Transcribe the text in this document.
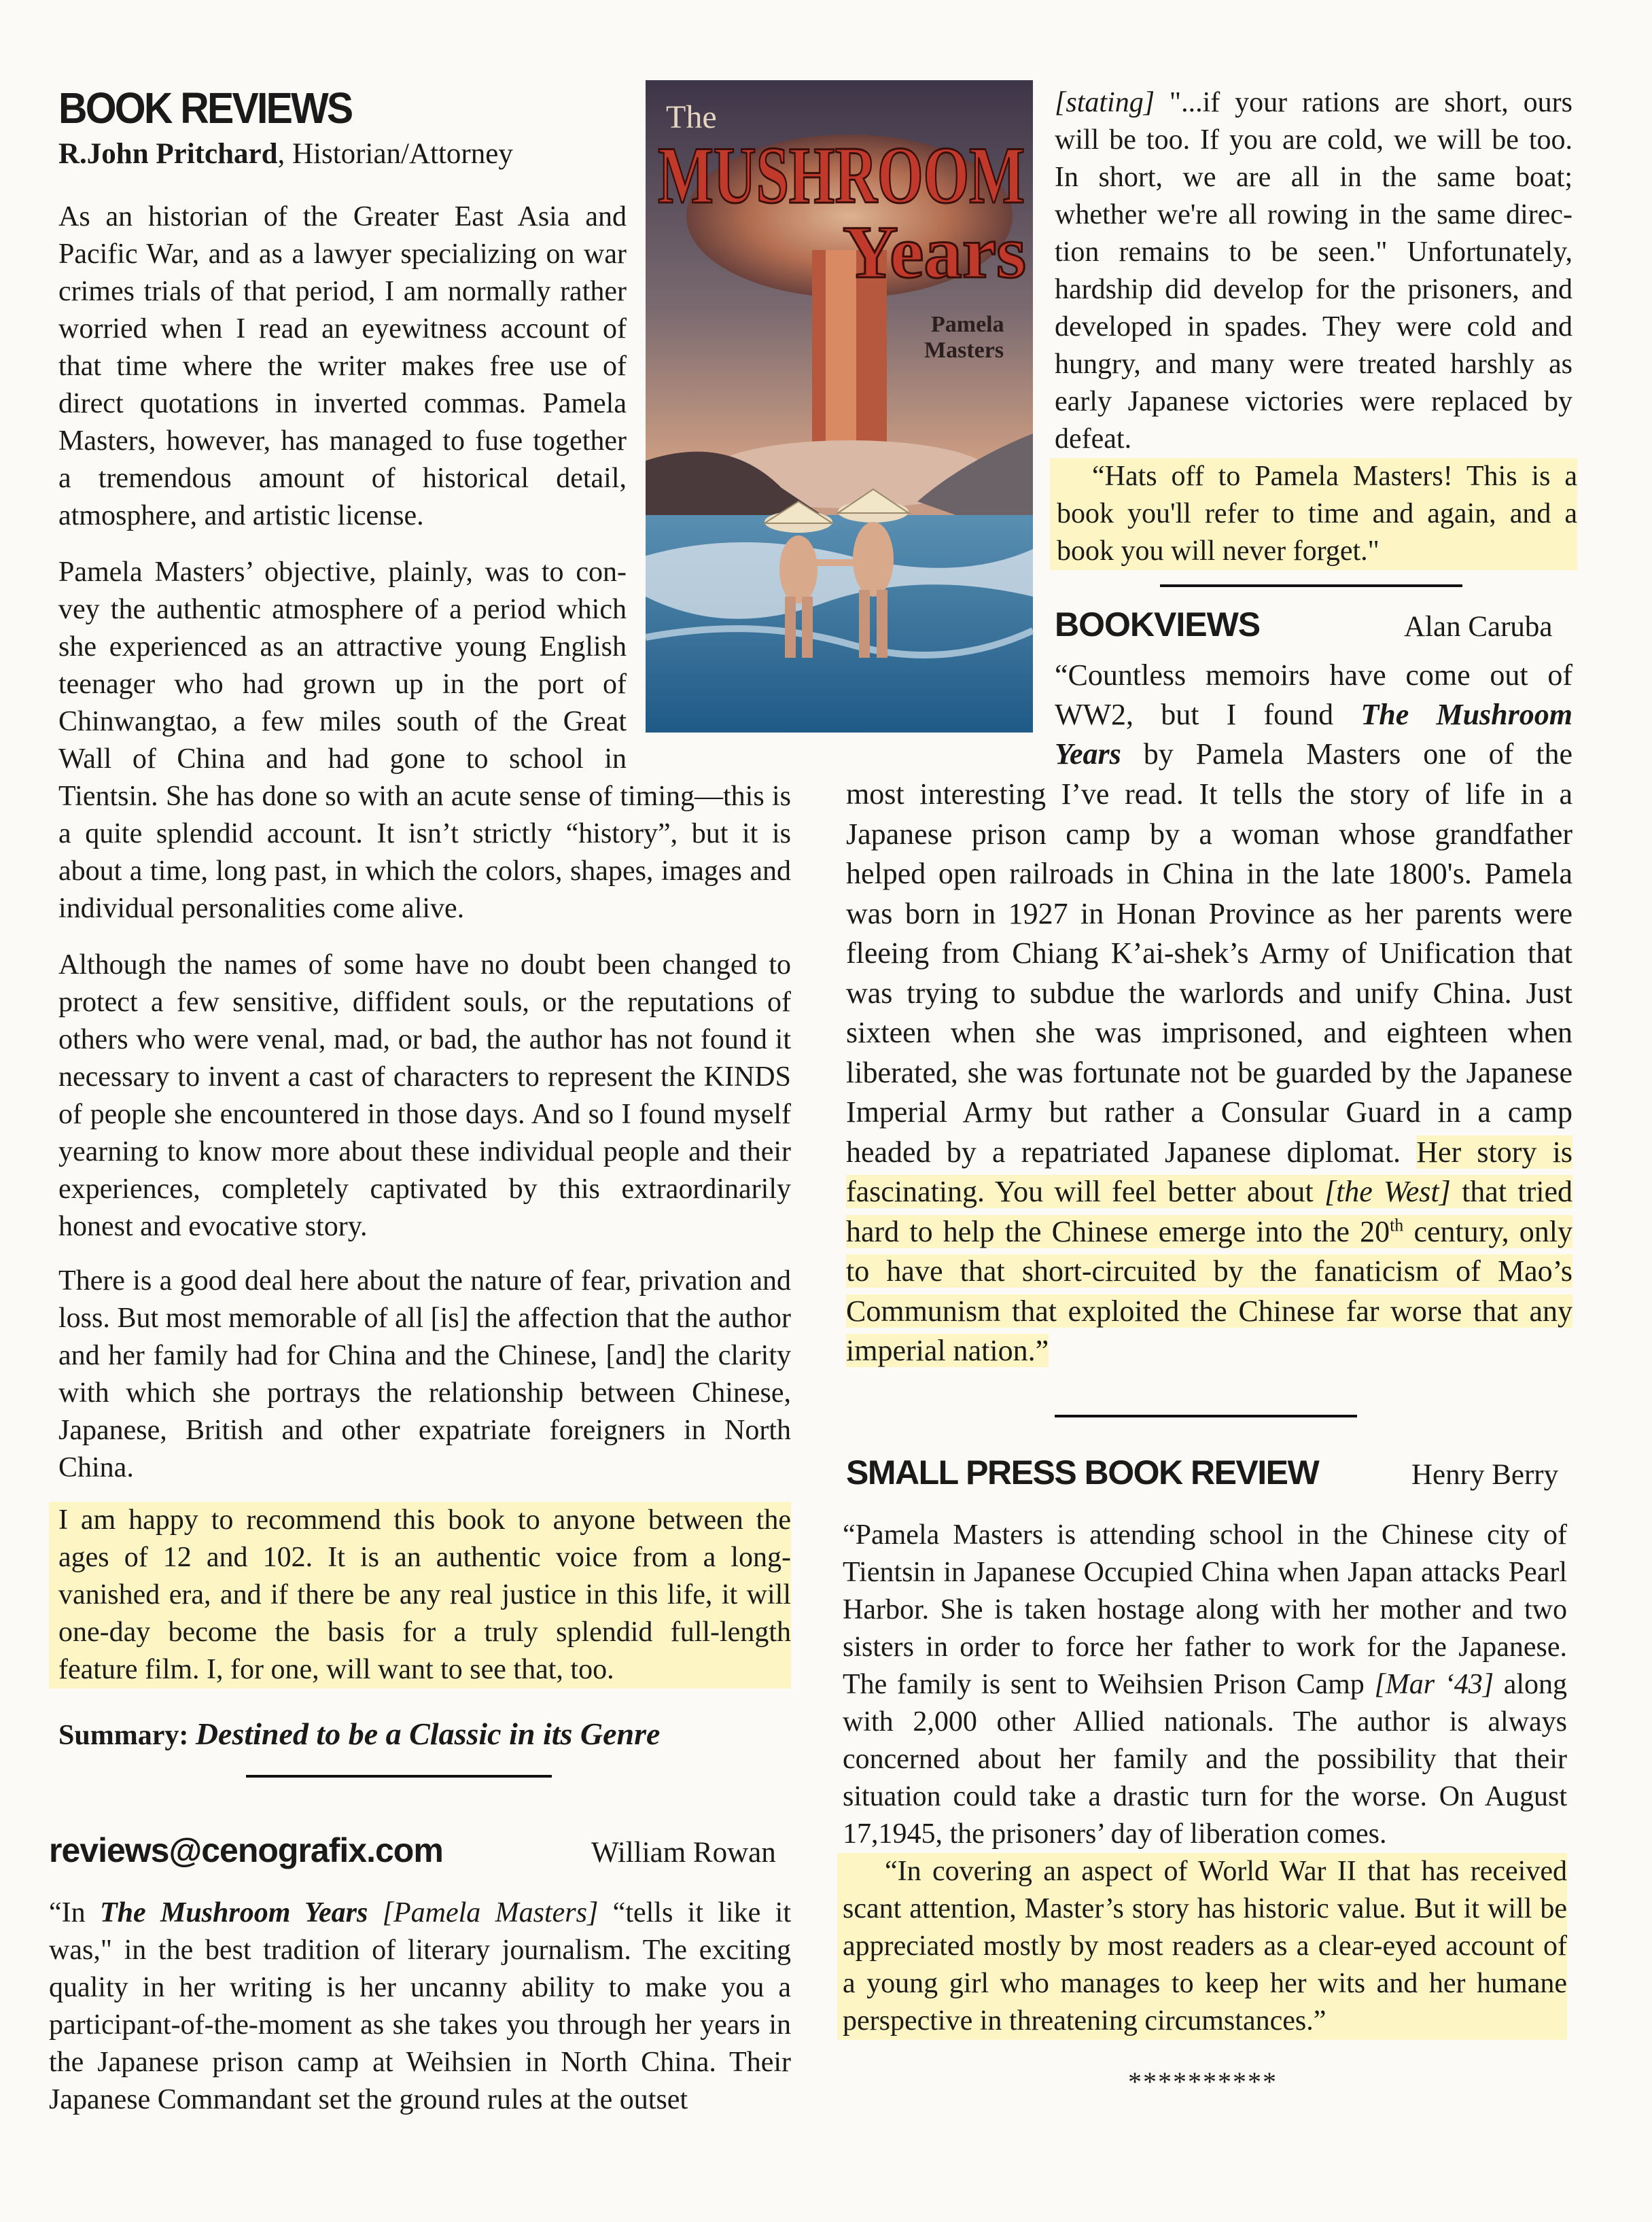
BOOK REVIEWS
R.John Pritchard, Historian/Attorney

As an historian of the Greater East Asia and Pacific War, and as a lawyer specializing on war crimes trials of that period, I am normally rather worried when I read an eyewitness account of that time where the writer makes free use of direct quotations in inverted commas. Pamela Masters, however, has managed to fuse together a tremendous amount of historical detail, atmosphere, and artistic license.

Pamela Masters’ objective, plainly, was to con-
vey the authentic atmosphere of a period which
she experienced as an attractive young English
teenager who had grown up in the port of
Chinwangtao, a few miles south of the Great
Wall of China and had gone to school in

Tientsin. She has done so with an acute sense of timing—this is a quite splendid account. It isn’t strictly “history”, but it is about a time, long past, in which the colors, shapes, images and individual personalities come alive.

Although the names of some have no doubt been changed to protect a few sensitive, diffident souls, or the reputations of others who were venal, mad, or bad, the author has not found it necessary to invent a cast of characters to represent the KINDS of people she encountered in those days. And so I found myself yearning to know more about these individual people and their experiences, completely captivated by this extraordinarily honest and evocative story.

There is a good deal here about the nature of fear, privation and loss. But most memorable of all [is] the affection that the author and her family had for China and the Chinese, [and] the clarity with which she portrays the relationship between Chinese, Japanese, British and other expatriate foreigners in North China.

I am happy to recommend this book to anyone between the ages of 12 and 102. It is an authentic voice from a long-vanished era, and if there be any real justice in this life, it will one-day become the basis for a truly splendid full-length feature film. I, for one, will want to see that, too.

Summary: Destined to be a Classic in its Genre
reviews@cenografix.com	William Rowan

“In The Mushroom Years [Pamela Masters] “tells it like it was," in the best tradition of literary journalism. The exciting quality in her writing is her uncanny ability to make you a participant-of-the-moment as she takes you through her years in the Japanese prison camp at Weihsien in North China. Their Japanese Commandant set the ground rules at the outset

The
MUSHROOM
Years
Pamela
Masters
[stating] "...if your rations are short, ours
will be too. If you are cold, we will be too.
In short, we are all in the same boat;
whether we're all rowing in the same direc-
tion remains to be seen." Unfortunately,
hardship did develop for the prisoners, and
developed in spades. They were cold and
hungry, and many were treated harshly as
early Japanese victories were replaced by
defeat.
“Hats off to Pamela Masters! This is a
book you'll refer to time and again, and a
book you will never forget."
BOOKVIEWS	Alan Caruba
“Countless memoirs have come out of
WW2, but I found The Mushroom
Years by Pamela Masters one of the

most interesting I’ve read. It tells the story of life in a Japanese prison camp by a woman whose grandfather helped open railroads in China in the late 1800's. Pamela was born in 1927 in Honan Province as her parents were fleeing from Chiang K’ai-shek’s Army of Unification that was trying to subdue the warlords and unify China. Just sixteen when she was imprisoned, and eighteen when liberated, she was fortunate not be guarded by the Japanese Imperial Army but rather a Consular Guard in a camp headed by a repatriated Japanese diplomat. Her story is fascinating. You will feel better about [the West] that tried hard to help the Chinese emerge into the 20th century, only to have that short-circuited by the fanaticism of Mao’s Communism that exploited the Chinese far worse that any imperial nation.”

SMALL PRESS BOOK REVIEW	Henry Berry

“Pamela Masters is attending school in the Chinese city of Tientsin in Japanese Occupied China when Japan attacks Pearl Harbor. She is taken hostage along with her mother and two sisters in order to force her father to work for the Japanese. The family is sent to Weihsien Prison Camp [Mar ‘43] along with 2,000 other Allied nationals. The author is always concerned about her family and the possibility that their situation could take a drastic turn for the worse. On August 17,1945, the prisoners’ day of liberation comes.

“In covering an aspect of World War II that has received scant attention, Master’s story has historic value. But it will be appreciated mostly by most readers as a clear-eyed account of a young girl who manages to keep her wits and her humane perspective in threatening circumstances.”

**********
